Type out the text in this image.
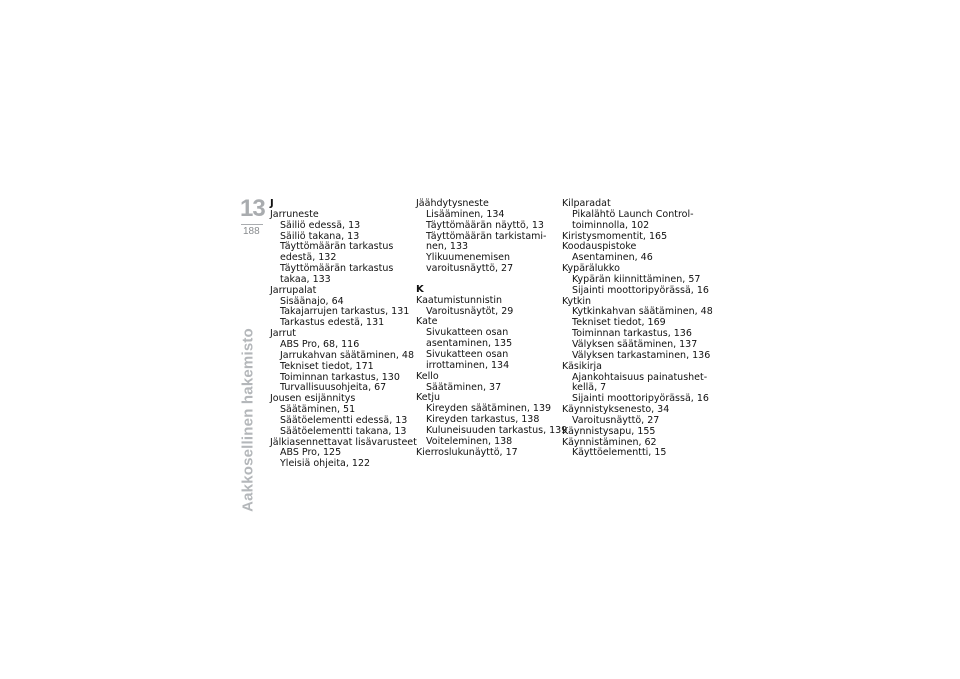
13
188
Aakkosellinen hakemisto
J
Jarruneste
Säiliö edessä, 13
Säiliö takana, 13
Täyttömäärän tarkastus
edestä, 132
Täyttömäärän tarkastus
takaa, 133
Jarrupalat
Sisäänajo, 64
Takajarrujen tarkastus, 131
Tarkastus edestä, 131
Jarrut
ABS Pro, 68, 116
Jarrukahvan säätäminen, 48
Tekniset tiedot, 171
Toiminnan tarkastus, 130
Turvallisuusohjeita, 67
Jousen esijännitys
Säätäminen, 51
Säätöelementti edessä, 13
Säätöelementti takana, 13
Jälkiasennettavat lisävarusteet
ABS Pro, 125
Yleisiä ohjeita, 122
Jäähdytysneste
Lisääminen, 134
Täyttömäärän näyttö, 13
Täyttömäärän tarkistami-
nen, 133
Ylikuumenemisen
varoitusnäyttö, 27
K
Kaatumistunnistin
Varoitusnäytöt, 29
Kate
Sivukatteen osan
asentaminen, 135
Sivukatteen osan
irrottaminen, 134
Kello
Säätäminen, 37
Ketju
Kireyden säätäminen, 139
Kireyden tarkastus, 138
Kuluneisuuden tarkastus, 139
Voiteleminen, 138
Kierroslukunäyttö, 17
Kilparadat
Pikalähtö Launch Control-
toiminnolla, 102
Kiristysmomentit, 165
Koodauspistoke
Asentaminen, 46
Kypärälukko
Kypärän kiinnittäminen, 57
Sijainti moottoripyörässä, 16
Kytkin
Kytkinkahvan säätäminen, 48
Tekniset tiedot, 169
Toiminnan tarkastus, 136
Välyksen säätäminen, 137
Välyksen tarkastaminen, 136
Käsikirja
Ajankohtaisuus painatushet-
kellä, 7
Sijainti moottoripyörässä, 16
Käynnistyksenesto, 34
Varoitusnäyttö, 27
Käynnistysapu, 155
Käynnistäminen, 62
Käyttöelementti, 15
